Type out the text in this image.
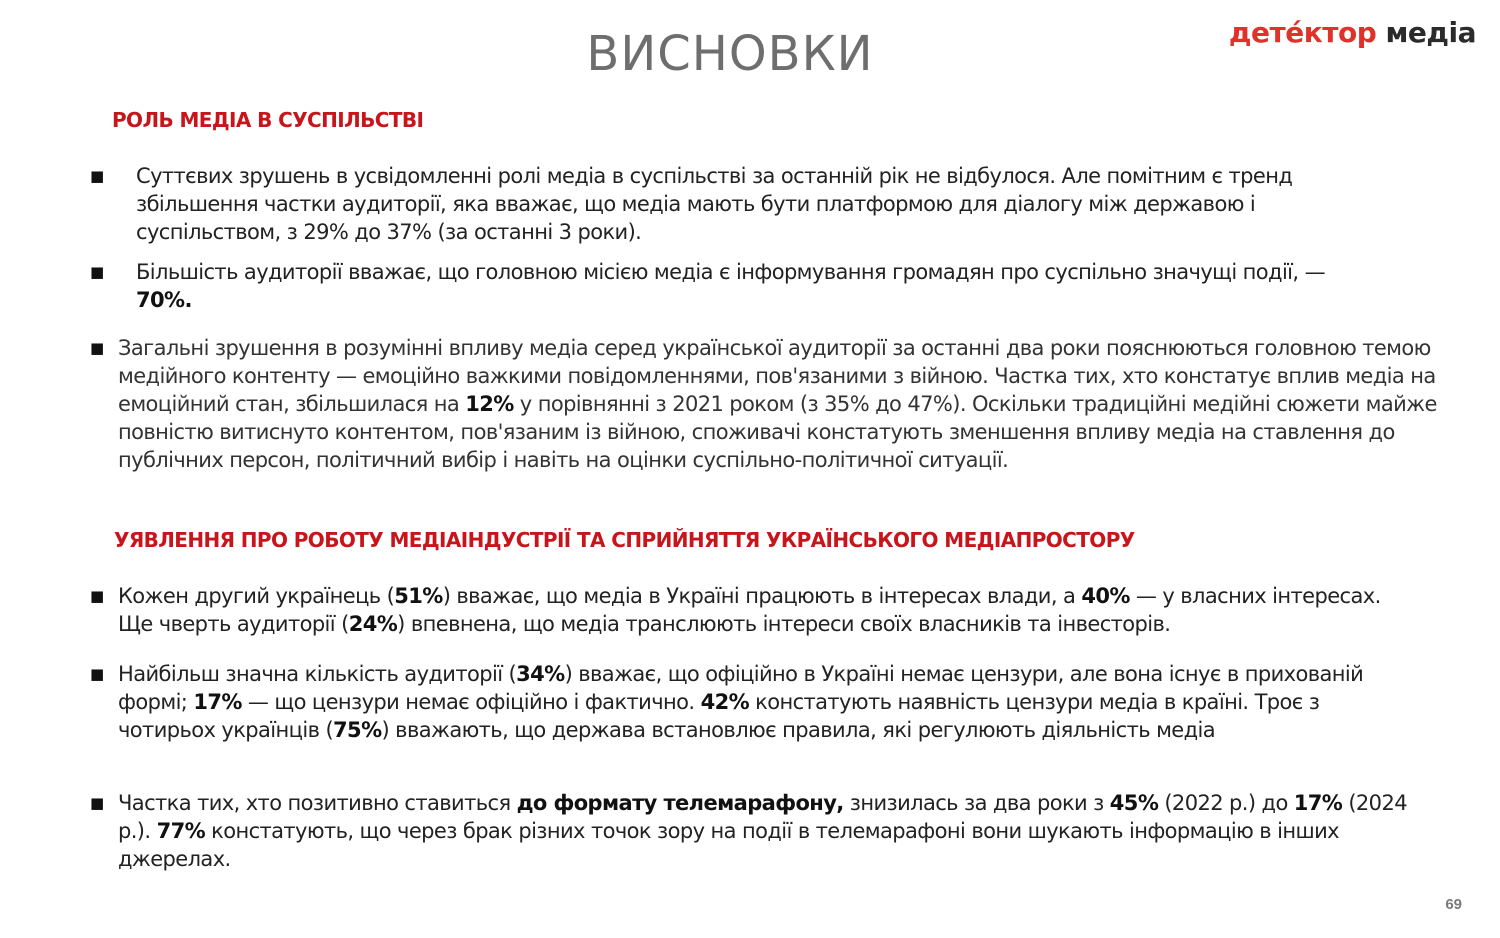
ВИСНОВКИ	детéктор медіа
РОЛЬ МЕДІА В СУСПІЛЬСТВІ
■ Суттєвих зрушень в усвідомленні ролі медіа в суспільстві за останній рік не відбулося. Але помітним є тренд збільшення частки аудиторії, яка вважає, що медіа мають бути платформою для діалогу між державою і суспільством, з 29% до 37% (за останні 3 роки).
■ Більшість аудиторії вважає, що головною місією медіа є інформування громадян про суспільно значущі події, — 70%.
■ Загальні зрушення в розумінні впливу медіа серед української аудиторії за останні два роки пояснюються головною темою медійного контенту — емоційно важкими повідомленнями, пов'язаними з війною. Частка тих, хто констатує вплив медіа на емоційний стан, збільшилася на 12% у порівнянні з 2021 роком (з 35% до 47%). Оскільки традиційні медійні сюжети майже повністю витиснуто контентом, пов'язаним із війною, споживачі констатують зменшення впливу медіа на ставлення до публічних персон, політичний вибір і навіть на оцінки суспільно-політичної ситуації.
УЯВЛЕННЯ ПРО РОБОТУ МЕДІАІНДУСТРІЇ ТА СПРИЙНЯТТЯ УКРАЇНСЬКОГО МЕДІАПРОСТОРУ
■ Кожен другий українець (51%) вважає, що медіа в Україні працюють в інтересах влади, а 40% — у власних інтересах. Ще чверть аудиторії (24%) впевнена, що медіа транслюють інтереси своїх власників та інвесторів.
■ Найбільш значна кількість аудиторії (34%) вважає, що офіційно в Україні немає цензури, але вона існує в прихованій формі; 17% — що цензури немає офіційно і фактично. 42% констатують наявність цензури медіа в країні. Троє з чотирьох українців (75%) вважають, що держава встановлює правила, які регулюють діяльність медіа
■ Частка тих, хто позитивно ставиться до формату телемарафону, знизилась за два роки з 45% (2022 р.) до 17% (2024 р.). 77% констатують, що через брак різних точок зору на події в телемарафоні вони шукають інформацію в інших джерелах.
69
